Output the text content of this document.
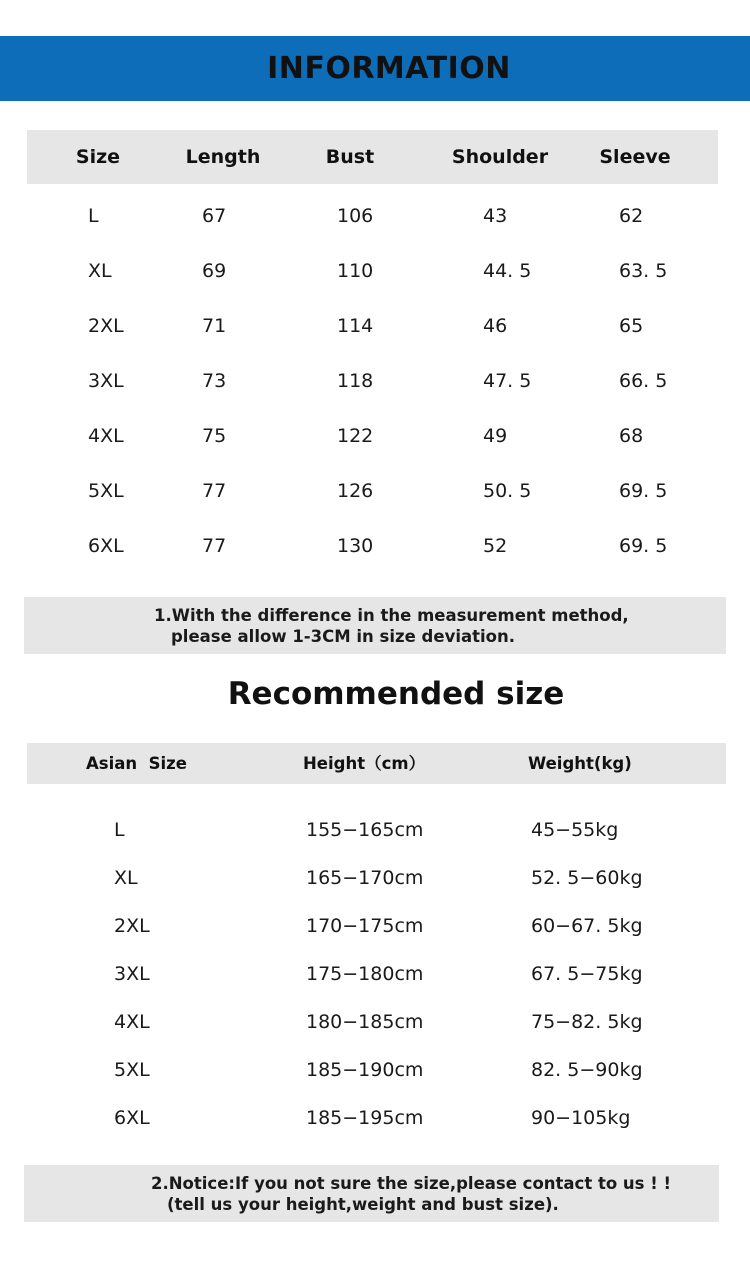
INFORMATION
Size	Length	Bust	Shoulder	Sleeve
L	67	106	43	62
XL	69	110	44. 5	63. 5
2XL	71	114	46	65
3XL	73	118	47. 5	66. 5
4XL	75	122	49	68
5XL	77	126	50. 5	69. 5
6XL	77	130	52	69. 5
1.With the difference in the measurement method,
please allow 1-3CM in size deviation.
Recommended size
Asian  Size	Height（cm）	Weight(kg)
L	155−165cm	45−55kg
XL	165−170cm	52. 5−60kg
2XL	170−175cm	60−67. 5kg
3XL	175−180cm	67. 5−75kg
4XL	180−185cm	75−82. 5kg
5XL	185−190cm	82. 5−90kg
6XL	185−195cm	90−105kg
2.Notice:If you not sure the size,please contact to us ! !
(tell us your height,weight and bust size).
